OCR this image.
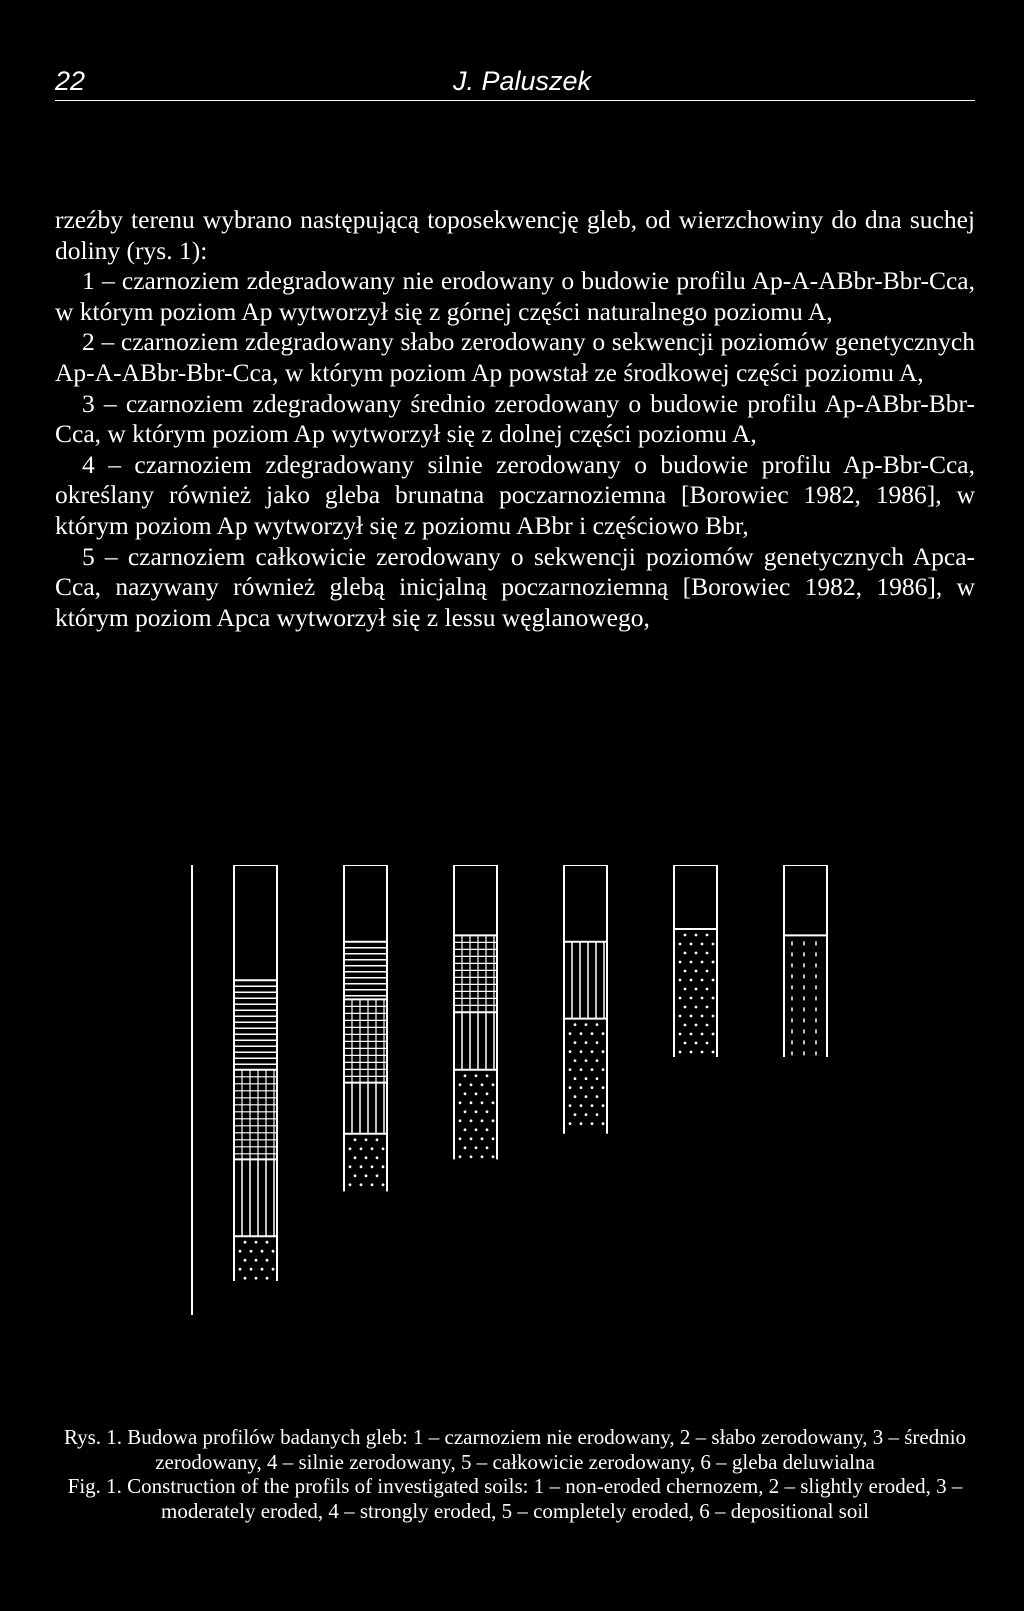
22	J. Paluszek

rzeźby terenu wybrano następującą toposekwencję gleb, od wierzchowiny do dna suchej doliny (rys. 1):

1 – czarnoziem zdegradowany nie erodowany o budowie profilu Ap-A-ABbr-Bbr-Cca, w którym poziom Ap wytworzył się z górnej części naturalnego poziomu A,

2 – czarnoziem zdegradowany słabo zerodowany o sekwencji poziomów genetycznych Ap-A-ABbr-Bbr-Cca, w którym poziom Ap powstał ze środkowej części poziomu A,

3 – czarnoziem zdegradowany średnio zerodowany o budowie profilu Ap-ABbr-Bbr-Cca, w którym poziom Ap wytworzył się z dolnej części poziomu A,

4 – czarnoziem zdegradowany silnie zerodowany o budowie profilu Ap-Bbr-Cca, określany również jako gleba brunatna poczarnoziemna [Borowiec 1982, 1986], w którym poziom Ap wytworzył się z poziomu ABbr i częściowo Bbr,

5 – czarnoziem całkowicie zerodowany o sekwencji poziomów genetycznych Apca-Cca, nazywany również glebą inicjalną poczarnoziemną [Borowiec 1982, 1986], w którym poziom Apca wytworzył się z lessu węglanowego,

Rys. 1. Budowa profilów badanych gleb: 1 – czarnoziem nie erodowany, 2 – słabo zerodowany, 3 – średnio zerodowany, 4 – silnie zerodowany, 5 – całkowicie zerodowany, 6 – gleba deluwialna

Fig. 1. Construction of the profils of investigated soils: 1 – non-eroded chernozem, 2 – slightly eroded, 3 – moderately eroded, 4 – strongly eroded, 5 – completely eroded, 6 – depositional soil
